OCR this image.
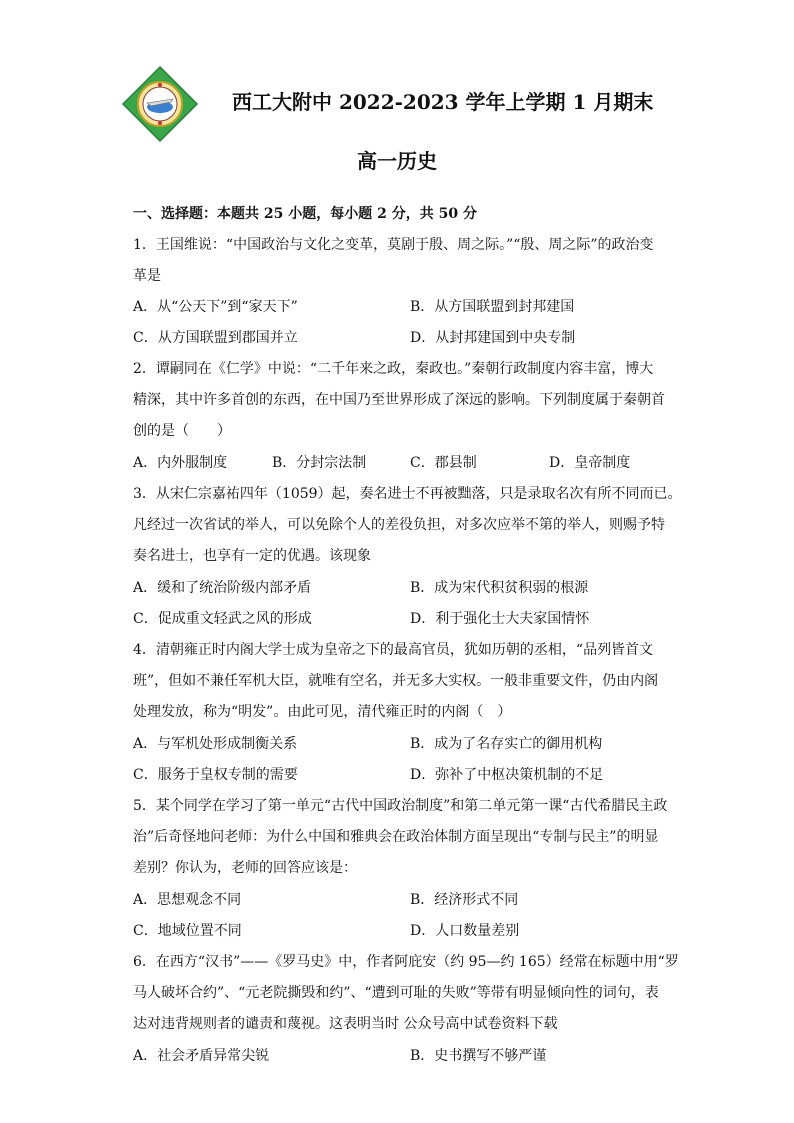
西工大附中 2022-2023 学年上学期 1 月期末
高一历史
一、选择题：本题共 25 小题，每小题 2 分，共 50 分
1．王国维说：“中国政治与文化之变革，莫剧于殷、周之际。”“殷、周之际”的政治变
革是
A．从“公天下”到“家天下”	B．从方国联盟到封邦建国
C．从方国联盟到郡国并立	D．从封邦建国到中央专制
2．谭嗣同在《仁学》中说：“二千年来之政，秦政也。”秦朝行政制度内容丰富，博大
精深，其中许多首创的东西，在中国乃至世界形成了深远的影响。下列制度属于秦朝首
创的是（　　）
A．内外服制度	B．分封宗法制	C．郡县制	D．皇帝制度
3．从宋仁宗嘉祐四年（1059）起，奏名进士不再被黜落，只是录取名次有所不同而已。
凡经过一次省试的举人，可以免除个人的差役负担，对多次应举不第的举人，则赐予特
奏名进士，也享有一定的优遇。该现象
A．缓和了统治阶级内部矛盾	B．成为宋代积贫积弱的根源
C．促成重文轻武之风的形成	D．利于强化士大夫家国情怀
4．清朝雍正时内阁大学士成为皇帝之下的最高官员，犹如历朝的丞相，“品列皆首文
班”，但如不兼任军机大臣，就唯有空名，并无多大实权。一般非重要文件，仍由内阁
处理发放，称为“明发”。由此可见，清代雍正时的内阁（　）
A．与军机处形成制衡关系	B．成为了名存实亡的御用机构
C．服务于皇权专制的需要	D．弥补了中枢决策机制的不足
5．某个同学在学习了第一单元“古代中国政治制度”和第二单元第一课“古代希腊民主政
治”后奇怪地问老师：为什么中国和雅典会在政治体制方面呈现出“专制与民主”的明显
差别？你认为，老师的回答应该是：
A．思想观念不同	B．经济形式不同
C．地域位置不同	D．人口数量差别
6．在西方“汉书”——《罗马史》中，作者阿庇安（约 95—约 165）经常在标题中用“罗
马人破坏合约”、“元老院撕毁和约”、“遭到可耻的失败”等带有明显倾向性的词句，表
达对违背规则者的谴责和蔑视。这表明当时 公众号高中试卷资料下载
A．社会矛盾异常尖锐	B．史书撰写不够严谨
